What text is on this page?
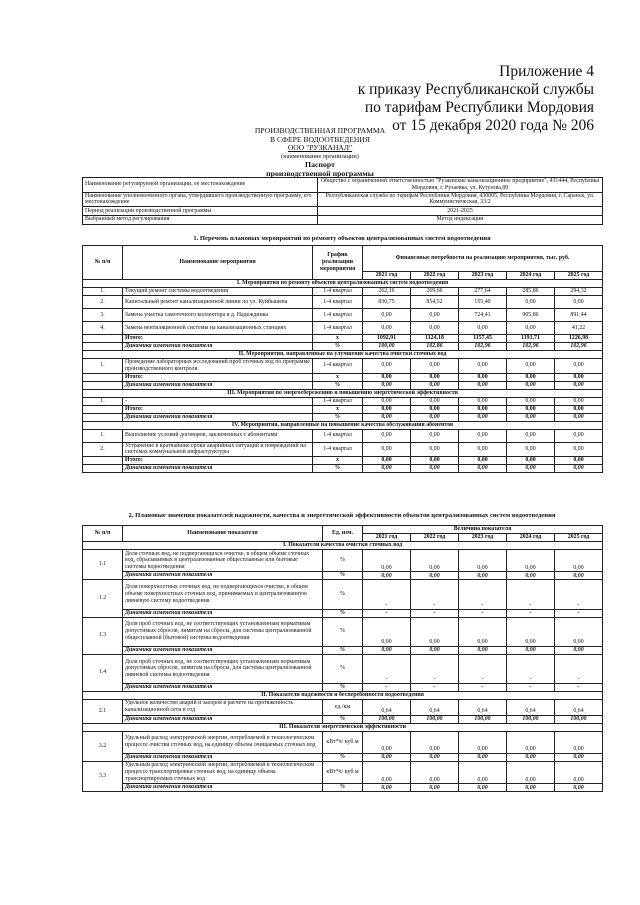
Приложение 4
к приказу Республиканской службы
по тарифам Республики Мордовия
от 15 декабря 2020 года № 206
ПРОИЗВОДСТВЕННАЯ ПРОГРАММА
В СФЕРЕ ВОДООТВЕДЕНИЯ
ООО "РУЗКАНАЛ"
(наименование организации)
Паспорт
производственной программы
Наименование регулируемой организации, ее местонахождение	Общество с ограниченной ответственностью "Рузаевские канализационное предприятие", 431444, Республика Мордовия, г. Рузаевка, ул. Кутузова,89
Наименование уполномоченного органа, утвердившего производственную программу, его местонахождение	Республиканская служба по тарифам Республики Мордовия, 430005, Республика Мордовия, г. Саранск, ул. Коммунистическая, 33/2
Период реализации производственной программы	2021-2025
Выбранный метод регулирования	Метод индексации
1. Перечень плановых мероприятий по ремонту объектов централизованных систем водоотведения
№ п/п	Наименование мероприятия	График реализации мероприятия	Финансовые потребности на реализацию мероприятия, тыс. руб.				
			2021 год	2022 год	2023 год	2024 год	2025 год
I. Мероприятия по ремонту объектов централизованных систем водоотведения							
1.	Текущий ремонт системы водоотведения	1-4 квартал	262,16	269,66	277,64	285,86	294,32
2.	Капитальный ремонт канализационной линии по ул. Куйбышева	1-4 квартал	830,75	854,52	155,40	0,00	0,00
3.	Замена участка самотечного коллектора в д. Надеждинка	1-4 квартал	0,00	0,00	724,41	905,86	891,44
4.	Замена вентиляционной системы на канализационных станциях	1-4 квартал	0,00	0,00	0,00	0,00	41,22
	Итого:	x	1092,91	1124,18	1157,45	1191,71	1226,98
	Динамика изменения показателя	%	100,00	102,86	102,96	102,96	102,96
II. Мероприятия, направленные на улучшение качества очистки сточных вод							
1.	Проведение лабораторных исследований проб сточных вод по программе производственного контроля	1-4 квартал	0,00	0,00	0,00	0,00	0,00
	Итого:	x	0,00	0,00	0,00	0,00	0,00
	Динамика изменения показателя	%	0,00	0,00	0,00	0,00	0,00
III. Мероприятия по энергосбережению и повышению энергетической эффективности							
1.	-	1-4 квартал	0,00	0,00	0,00	0,00	0,00
	Итого:	x	0,00	0,00	0,00	0,00	0,00
	Динамика изменения показателя	%	0,00	0,00	0,00	0,00	0,00
IV. Мероприятия, направленные на повышение качества обслуживания абонентов							
1.	Выполнение условий договоров, заключенных с абонентами	1-4 квартал	0,00	0,00	0,00	0,00	0,00
2.	Устранение в кратчайшие сроки аварийных ситуаций и повреждений на системах коммунальной инфраструктуры	1-4 квартал	0,00	0,00	0,00	0,00	0,00
	Итого:	x	0,00	0,00	0,00	0,00	0,00
	Динамика изменения показателя	%	0,00	0,00	0,00	0,00	0,00
2. Плановые значения показателей надежности, качества и энергетической эффективности объектов централизованных систем водоотведения
№ п/п	Наименование показателя	Ед. изм.	Величина показателя				
			2021 год	2022 год	2023 год	2024 год	2025 год
I. Показатели качества очистки сточных вод							
1.1	Доля сточных вод, не подвергающихся очистке, в общем объеме сточных вод, сбрасываемых в централизованные общесплавные или бытовые системы водоотведения	%	0,00	0,00	0,00	0,00	0,00
	Динамика изменения показателя	%	0,00	0,00	0,00	0,00	0,00
1.2	Доля поверхностных сточных вод, не подвергающихся очистке, в общем объеме поверхностных сточных вод, принимаемых в централизованную ливневую систему водоотведения	%	-	-	-	-	-
	Динамика изменения показателя	%	-	-	-	-	-
1.3	Доля проб сточных вод, не соответствующих установленным нормативам допустимых сбросов, лимитам на сбросы, для системы централизованной общесплавной (бытовой) системы водоотведения	%	0,00	0,00	0,00	0,00	0,00
	Динамика изменения показателя	%	0,00	0,00	0,00	0,00	0,00
1.4	Доля проб сточных вод, не соответствующих установленным нормативам допустимых сбросов, лимитам на сбросы, для системы централизованной ливневой системы водоотведения	%	-	-	-	-	-
	Динамика изменения показателя	%	-	-	-	-	-
II. Показатели надежности и бесперебойности водоотведения							
2.1	Удельное количество аварий и засоров в расчете на протяженность канализационной сети в год	ед./км	0,64	0,64	0,64	0,64	0,64
	Динамика изменения показателя	%	100,00	100,00	100,00	100,00	100,00
III. Показатели энергетической эффективности							
3.2	Удельный расход электрической энергии, потребляемой в технологическом процессе очистки сточных вод, на единицу объема очищаемых сточных вод	кВт*ч/ куб.м	0,00	0,00	0,00	0,00	0,00
	Динамика изменения показателя	%	0,00	0,00	0,00	0,00	0,00
3.3	Удельный расход электрической энергии, потребляемой в технологическом процессе транспортировки сточных вод, на единицу объема транспортируемых сточных вод	кВт*ч/ куб.м	0,00	0,00	0,00	0,00	0,00
	Динамика изменения показателя	%	0,00	0,00	0,00	0,00	0,00
